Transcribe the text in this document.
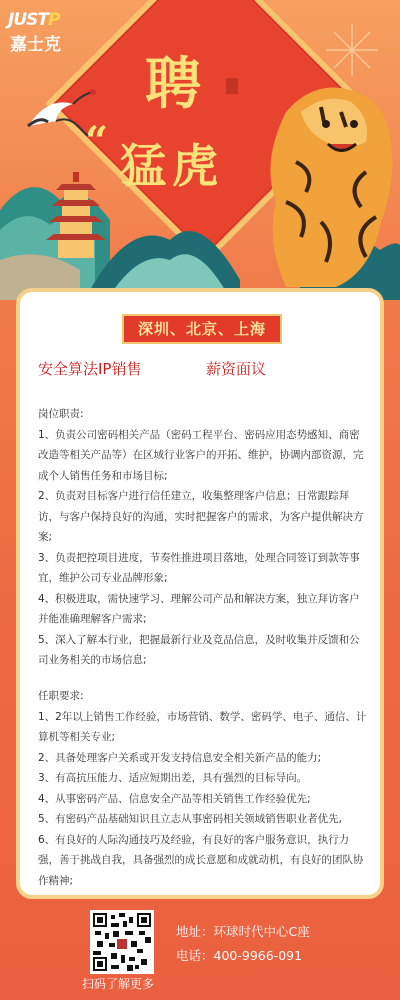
JUSTP
嘉士克
聘
“ 猛虎
深圳、北京、上海
安全算法IP销售	薪资面议

岗位职责:

1、负责公司密码相关产品（密码工程平台、密码应用态势感知、商密改造等相关产品等）在区域行业客户的开拓、维护，协调内部资源，完成个人销售任务和市场目标;

2、负责对目标客户进行信任建立，收集整理客户信息；日常跟踪拜访，与客户保持良好的沟通，实时把握客户的需求，为客户提供解决方案;

3、负责把控项目进度，节奏性推进项目落地，处理合同签订到款等事宜，维护公司专业品牌形象;

4、积极进取，需快速学习、理解公司产品和解决方案，独立拜访客户并能准确理解客户需求;

5、深入了解本行业，把握最新行业及竞品信息，及时收集并反馈和公司业务相关的市场信息;

任职要求:

1、2年以上销售工作经验，市场营销、数学、密码学、电子、通信、计算机等相关专业;

2、具备处理客户关系或开发支持信息安全相关新产品的能力;

3、有高抗压能力、适应短期出差，具有强烈的目标导向。

4、从事密码产品、信息安全产品等相关销售工作经验优先;

5、有密码产品基础知识且立志从事密码相关领域销售职业者优先,

6、有良好的人际沟通技巧及经验，有良好的客户服务意识，执行力强，善于挑战自我，具备强烈的成长意愿和成就动机，有良好的团队协作精神;

扫码了解更多
地址：环球时代中心C座
电话：400-9966-091
